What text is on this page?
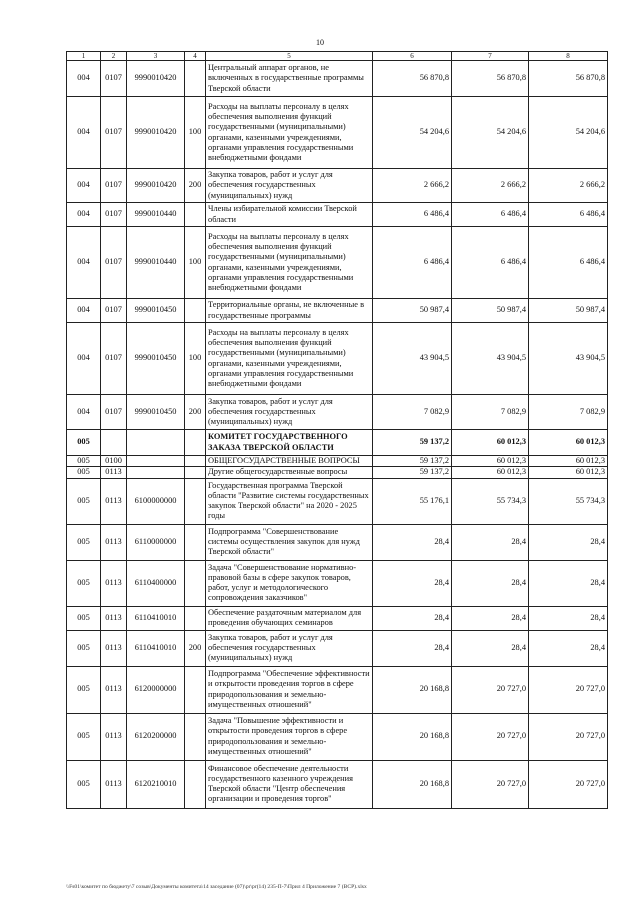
10
1	2	3	4	5	6	7	8
004	0107	9990010420		Центральный аппарат органов, не включенных в государственные программы Тверской области	56 870,8	56 870,8	56 870,8
004	0107	9990010420	100	Расходы на выплаты персоналу в целях обеспечения выполнения функций государственными (муниципальными) органами, казенными учреждениями, органами управления государственными внебюджетными фондами	54 204,6	54 204,6	54 204,6
004	0107	9990010420	200	Закупка товаров, работ и услуг для обеспечения государственных (муниципальных) нужд	2 666,2	2 666,2	2 666,2
004	0107	9990010440		Члены избирательной комиссии Тверской области	6 486,4	6 486,4	6 486,4
004	0107	9990010440	100	Расходы на выплаты персоналу в целях обеспечения выполнения функций государственными (муниципальными) органами, казенными учреждениями, органами управления государственными внебюджетными фондами	6 486,4	6 486,4	6 486,4
004	0107	9990010450		Территориальные органы, не включенные в государственные программы	50 987,4	50 987,4	50 987,4
004	0107	9990010450	100	Расходы на выплаты персоналу в целях обеспечения выполнения функций государственными (муниципальными) органами, казенными учреждениями, органами управления государственными внебюджетными фондами	43 904,5	43 904,5	43 904,5
004	0107	9990010450	200	Закупка товаров, работ и услуг для обеспечения государственных (муниципальных) нужд	7 082,9	7 082,9	7 082,9
005				КОМИТЕТ ГОСУДАРСТВЕННОГО ЗАКАЗА ТВЕРСКОЙ ОБЛАСТИ	59 137,2	60 012,3	60 012,3
005	0100			ОБЩЕГОСУДАРСТВЕННЫЕ ВОПРОСЫ	59 137,2	60 012,3	60 012,3
005	0113			Другие общегосударственные вопросы	59 137,2	60 012,3	60 012,3
005	0113	6100000000		Государственная программа Тверской области "Развитие системы государственных закупок Тверской области" на 2020 - 2025 годы	55 176,1	55 734,3	55 734,3
005	0113	6110000000		Подпрограмма "Совершенствование системы осуществления закупок для нужд Тверской области"	28,4	28,4	28,4
005	0113	6110400000		Задача "Совершенствование нормативно-правовой базы в сфере закупок товаров, работ, услуг и методологического сопровождения заказчиков"	28,4	28,4	28,4
005	0113	6110410010		Обеспечение раздаточным материалом для проведения обучающих семинаров	28,4	28,4	28,4
005	0113	6110410010	200	Закупка товаров, работ и услуг для обеспечения государственных (муниципальных) нужд	28,4	28,4	28,4
005	0113	6120000000		Подпрограмма "Обеспечение эффективности и открытости проведения торгов в сфере природопользования и земельно-имущественных отношений"	20 168,8	20 727,0	20 727,0
005	0113	6120200000		Задача "Повышение эффективности и открытости проведения торгов в сфере природопользования и земельно-имущественных отношений"	20 168,8	20 727,0	20 727,0
005	0113	6120210010		Финансовое обеспечение деятельности государственного казенного учреждения Тверской области "Центр обеспечения организации и проведения торгов"	20 168,8	20 727,0	20 727,0
\\Fs01\комитет по бюджету\7 созыв\Документы комитета\14 заседание (07)\pr\pr(14) 235-П-7\Прил 4 Приложение 7 (ВСР).xlsx
